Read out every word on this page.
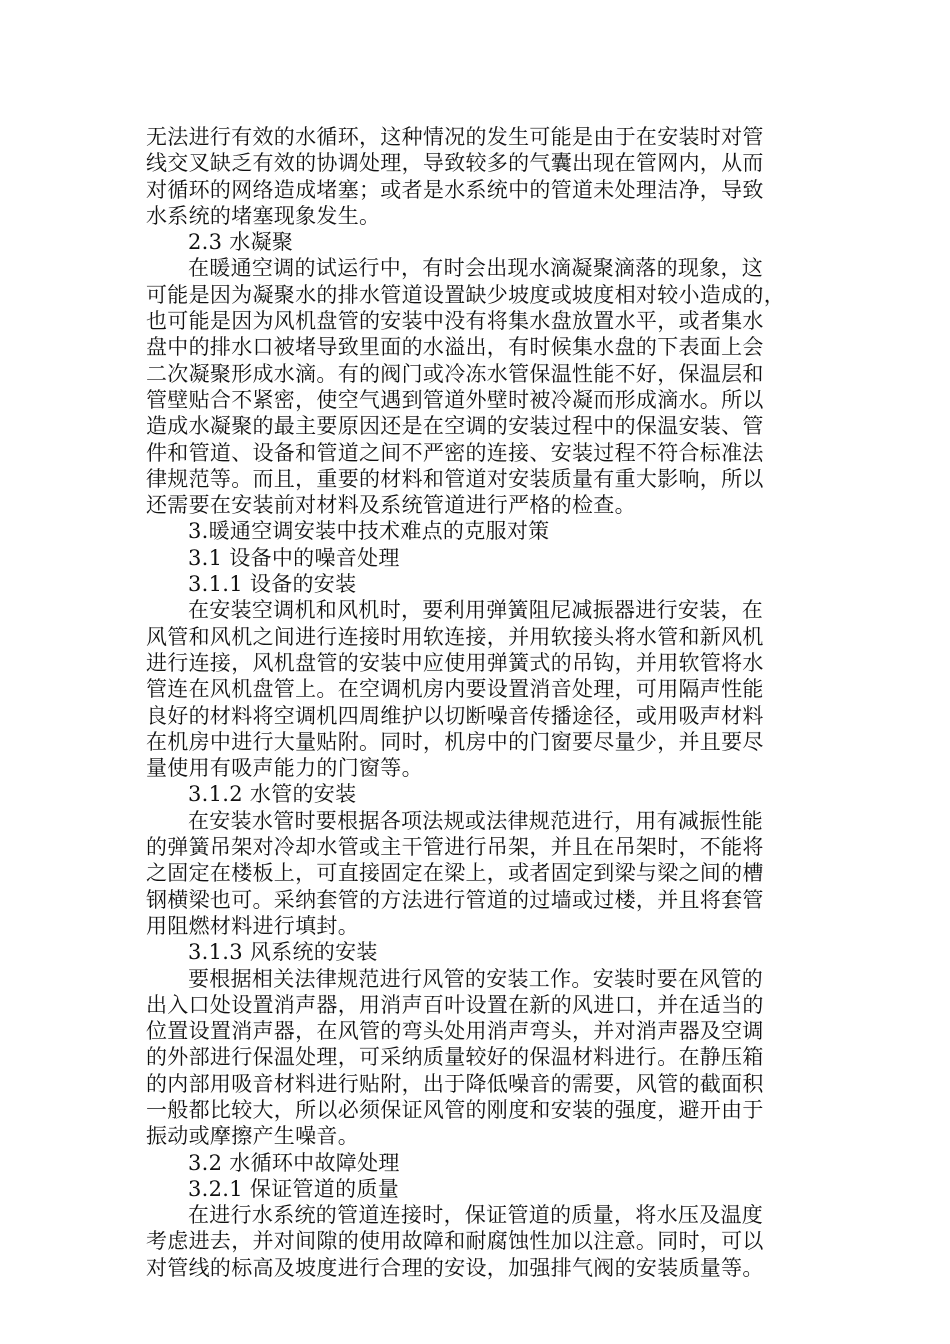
无法进行有效的水循环，这种情况的发生可能是由于在安装时对管
线交叉缺乏有效的协调处理，导致较多的气囊出现在管网内，从而
对循环的网络造成堵塞；或者是水系统中的管道未处理洁净，导致
水系统的堵塞现象发生。
2.3 水凝聚
在暖通空调的试运行中，有时会出现水滴凝聚滴落的现象，这
可能是因为凝聚水的排水管道设置缺少坡度或坡度相对较小造成的，
也可能是因为风机盘管的安装中没有将集水盘放置水平，或者集水
盘中的排水口被堵导致里面的水溢出，有时候集水盘的下表面上会
二次凝聚形成水滴。有的阀门或冷冻水管保温性能不好，保温层和
管壁贴合不紧密，使空气遇到管道外壁时被冷凝而形成滴水。所以
造成水凝聚的最主要原因还是在空调的安装过程中的保温安装、管
件和管道、设备和管道之间不严密的连接、安装过程不符合标准法
律规范等。而且，重要的材料和管道对安装质量有重大影响，所以
还需要在安装前对材料及系统管道进行严格的检查。
3.暖通空调安装中技术难点的克服对策
3.1 设备中的噪音处理
3.1.1 设备的安装
在安装空调机和风机时，要利用弹簧阻尼减振器进行安装，在
风管和风机之间进行连接时用软连接，并用软接头将水管和新风机
进行连接，风机盘管的安装中应使用弹簧式的吊钩，并用软管将水
管连在风机盘管上。在空调机房内要设置消音处理，可用隔声性能
良好的材料将空调机四周维护以切断噪音传播途径，或用吸声材料
在机房中进行大量贴附。同时，机房中的门窗要尽量少，并且要尽
量使用有吸声能力的门窗等。
3.1.2 水管的安装
在安装水管时要根据各项法规或法律规范进行，用有减振性能
的弹簧吊架对冷却水管或主干管进行吊架，并且在吊架时，不能将
之固定在楼板上，可直接固定在梁上，或者固定到梁与梁之间的槽
钢横梁也可。采纳套管的方法进行管道的过墙或过楼，并且将套管
用阻燃材料进行填封。
3.1.3 风系统的安装
要根据相关法律规范进行风管的安装工作。安装时要在风管的
出入口处设置消声器，用消声百叶设置在新的风进口，并在适当的
位置设置消声器，在风管的弯头处用消声弯头，并对消声器及空调
的外部进行保温处理，可采纳质量较好的保温材料进行。在静压箱
的内部用吸音材料进行贴附，出于降低噪音的需要，风管的截面积
一般都比较大，所以必须保证风管的刚度和安装的强度，避开由于
振动或摩擦产生噪音。
3.2 水循环中故障处理
3.2.1 保证管道的质量
在进行水系统的管道连接时，保证管道的质量，将水压及温度
考虑进去，并对间隙的使用故障和耐腐蚀性加以注意。同时，可以
对管线的标高及坡度进行合理的安设，加强排气阀的安装质量等。
